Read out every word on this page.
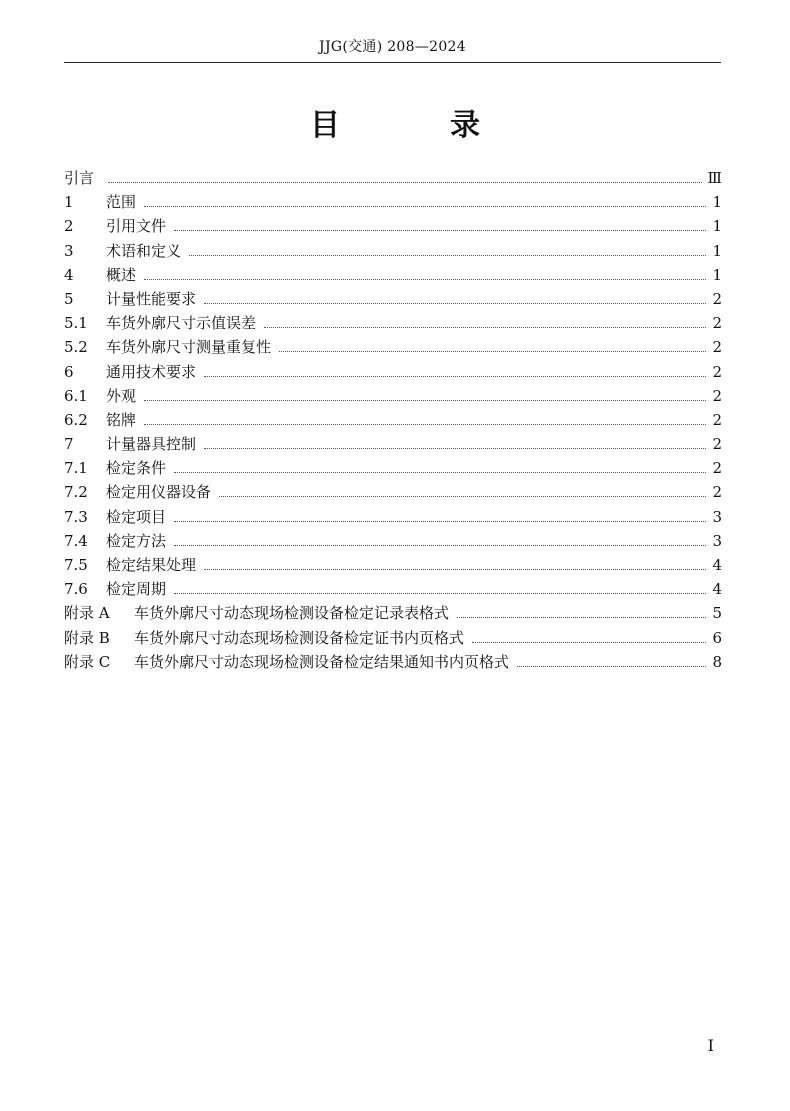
JJG(交通) 208—2024
目　录
引言	Ⅲ
1	范围	1
2	引用文件	1
3	术语和定义	1
4	概述	1
5	计量性能要求	2
5.1	车货外廓尺寸示值误差	2
5.2	车货外廓尺寸测量重复性	2
6	通用技术要求	2
6.1	外观	2
6.2	铭牌	2
7	计量器具控制	2
7.1	检定条件	2
7.2	检定用仪器设备	2
7.3	检定项目	3
7.4	检定方法	3
7.5	检定结果处理	4
7.6	检定周期	4
附录 A	车货外廓尺寸动态现场检测设备检定记录表格式	5
附录 B	车货外廓尺寸动态现场检测设备检定证书内页格式	6
附录 C	车货外廓尺寸动态现场检测设备检定结果通知书内页格式	8
I
